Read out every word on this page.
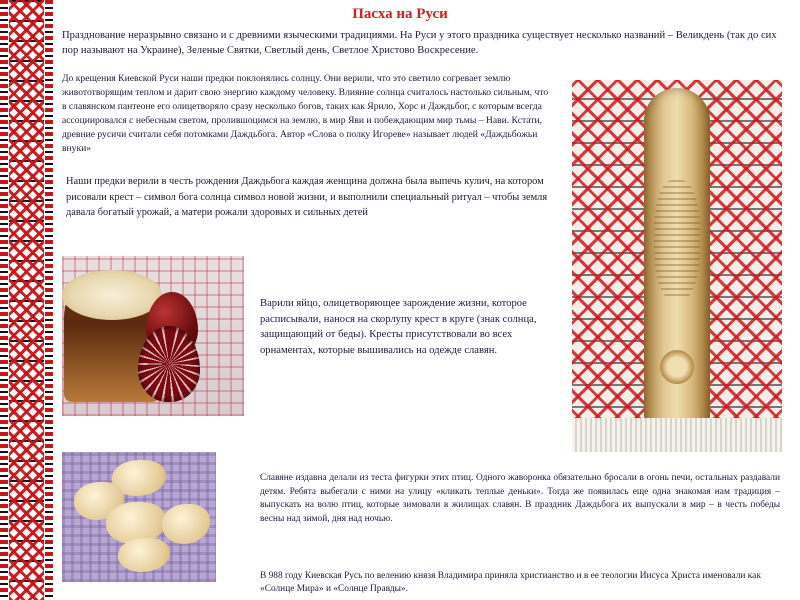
Пасха на Руси
Празднование неразрывно связано и с древними языческими традициями. На Руси у этого праздника существует несколько названий – Великдень (так до сих пор называют на Украине), Зеленые Святки, Светлый день, Светлое Христово Воскресение.
До крещения Киевской Руси наши предки поклонялись солнцу. Они верили, что это светило согревает землю живототворящим теплом и дарит свою энергию каждому человеку. Влияние солнца считалось настолько сильным, что в славянском пантеоне его олицетворяло сразу несколько богов, таких как Ярило, Хорс и Даждьбог, с которым всегда ассоциировался с небесным светом, пролившоцимся на землю, в мир Яви и побеждающим мир тьмы – Нави. Кстати, древние русичи считали себя потомками Даждьбога. Автор «Слова о полку Игореве» называет людей «Даждьбожьи внуки»
Наши предки верили в честь рождения Даждьбога каждая женщина должна была выпечь кулич, на котором рисовали крест – символ бога солнца символ новой жизни, и выполнили специальный ритуал – чтобы земля давала богатый урожай, а матери рожали здоровых и сильных детей
Варили яйцо, олицетворяющее зарождение жизни, которое расписывали, нанося на скорлупу крест в круге (знак солнца, защищающий от беды). Кресты присутствовали во всех орнаментах, которые вышивались на одежде славян.
Славяне издавна делали из теста фигурки этих птиц. Одного жаворонка обязательно бросали в огонь печи, остальных раздавали детям. Ребята выбегали с ними на улицу «кликать теплые деньки». Тогда же появилась еще одна знакомая нам традиция – выпускать на волю птиц, которые зимовали в жилищах славян. В праздник Даждьбога их выпускали в мир – в честь победы весны над зимой, дня над ночью.
В 988 году Киевская Русь по велению князя Владимира приняла христианство и в ее теологии Иисуса Христа именовали как «Солнце Мира» и «Солнце Правды».
